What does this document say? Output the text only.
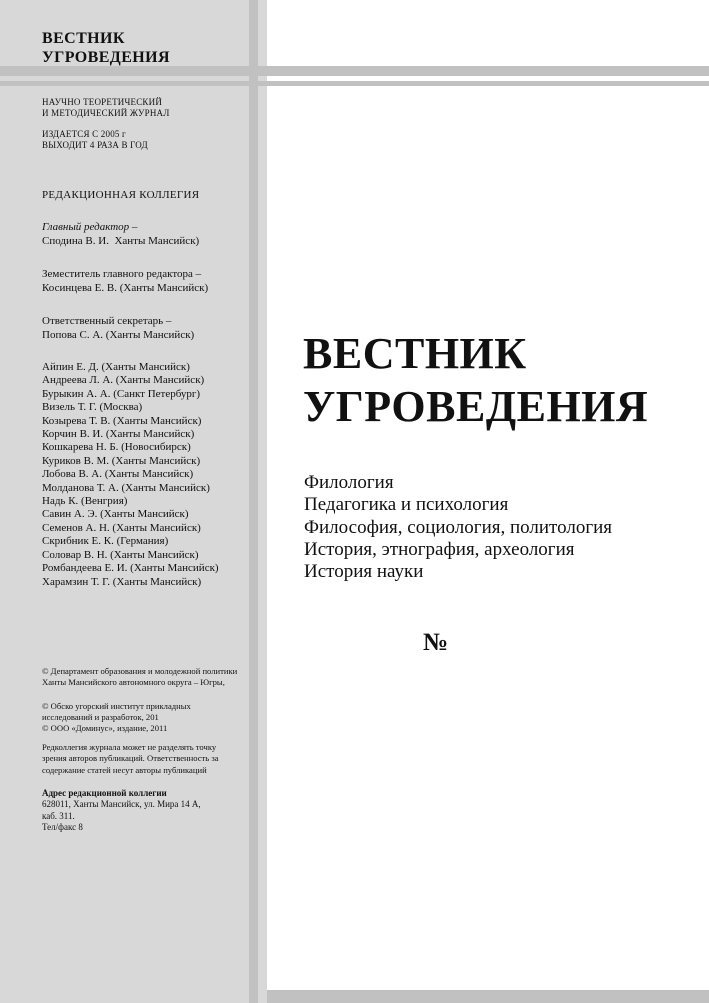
ВЕСТНИК
УГРОВЕДЕНИЯ
НАУЧНО ТЕОРЕТИЧЕСКИЙ
И МЕТОДИЧЕСКИЙ ЖУРНАЛ
ИЗДАЕТСЯ С 2005 г
ВЫХОДИТ 4 РАЗА В ГОД
РЕДАКЦИОННАЯ КОЛЛЕГИЯ
Главный редактор –
Сподина В. И.  Ханты Мансийск)
Земеститель главного редактора –
Косинцева Е. В. (Ханты Мансийск)
Ответственный секретарь –
Попова С. А. (Ханты Мансийск)
Айпин Е. Д. (Ханты Мансийск)
Андреева Л. А. (Ханты Мансийск)
Бурыкин А. А. (Санкт Петербург)
Визель Т. Г. (Москва)
Козырева Т. В. (Ханты Мансийск)
Корчин В. И. (Ханты Мансийск)
Кошкарева Н. Б. (Новосибирск)
Куриков В. М. (Ханты Мансийск)
Лобова В. А. (Ханты Мансийск)
Молданова Т. А. (Ханты Мансийск)
Надь К. (Венгрия)
Савин А. Э. (Ханты Мансийск)
Семенов А. Н. (Ханты Мансийск)
Скрибник Е. К. (Германия)
Соловар В. Н. (Ханты Мансийск)
Ромбандеева Е. И. (Ханты Мансийск)
Харамзин Т. Г. (Ханты Мансийск)
© Департамент образования и молодежной политики
Ханты Мансийского автономного округа – Югры,
© Обско угорский институт прикладных
исследований и разработок, 201
© ООО «Доминус», издание, 2011
Редколлегия журнала может не разделять точку
зрения авторов публикаций. Ответственность за
содержание статей несут авторы публикаций
Адрес редакционной коллегии
628011, Ханты Мансийск, ул. Мира 14 А,
каб. 311.
Тел/факс 8
ВЕСТНИК
УГРОВЕДЕНИЯ
Филология
Педагогика и психология
Философия, социология, политология
История, этнография, археология
История науки
№
